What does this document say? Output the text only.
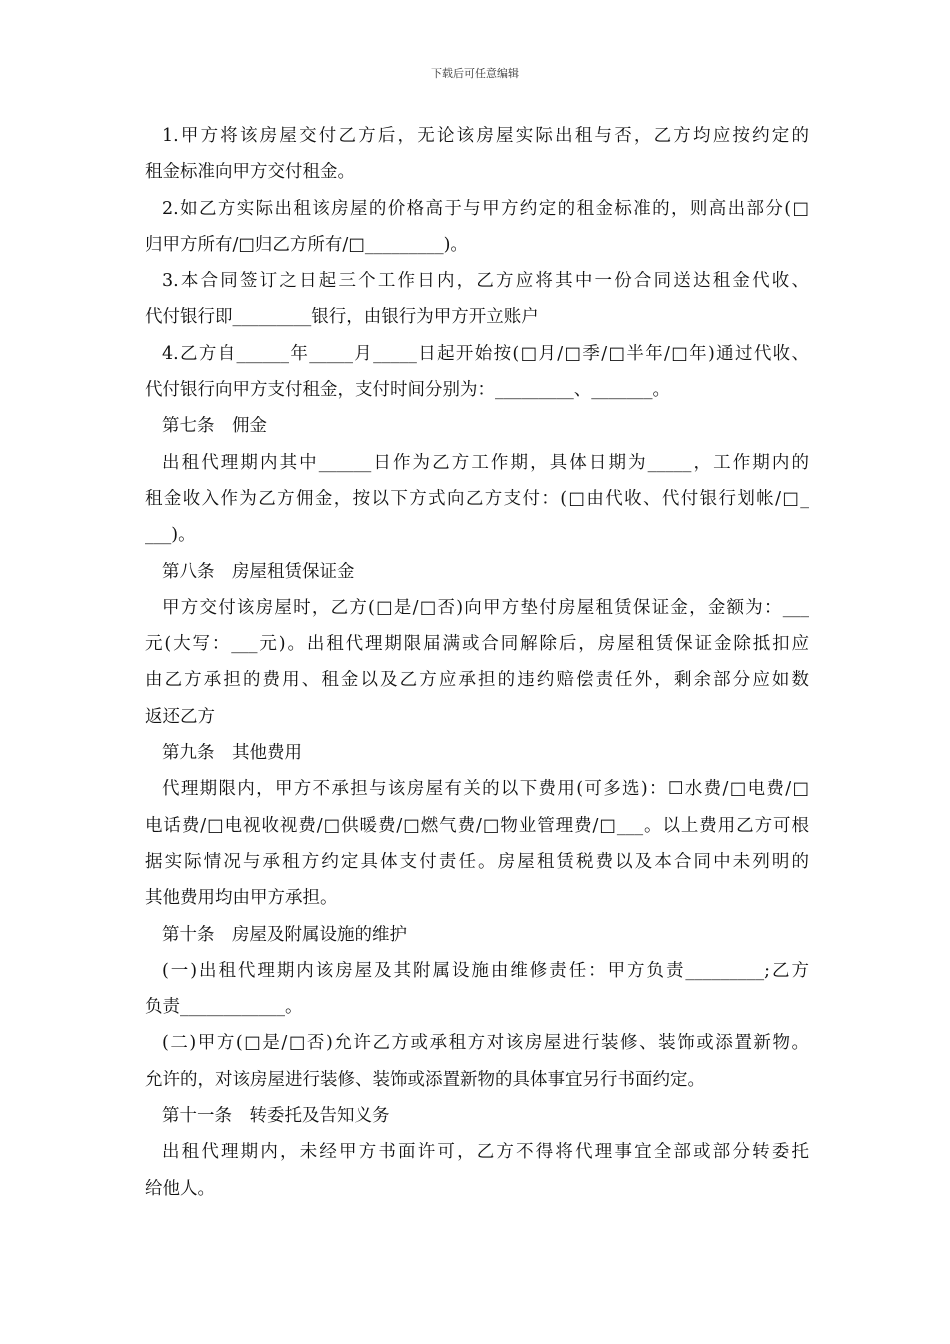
下载后可任意编辑
1.甲方将该房屋交付乙方后，无论该房屋实际出租与否，乙方均应按约定的
租金标准向甲方交付租金。
2.如乙方实际出租该房屋的价格高于与甲方约定的租金标准的，则高出部分(□
归甲方所有/□归乙方所有/□_________)。
3.本合同签订之日起三个工作日内，乙方应将其中一份合同送达租金代收、
代付银行即_________银行，由银行为甲方开立账户
4.乙方自______年_____月_____日起开始按(□月/□季/□半年/□年)通过代收、
代付银行向甲方支付租金，支付时间分别为：_________、_______。
第七条　佣金
出租代理期内其中______日作为乙方工作期，具体日期为_____，工作期内的
租金收入作为乙方佣金，按以下方式向乙方支付：(□由代收、代付银行划帐/□_
___)。
第八条　房屋租赁保证金
甲方交付该房屋时，乙方(□是/□否)向甲方垫付房屋租赁保证金，金额为：___
元(大写：___元)。出租代理期限届满或合同解除后，房屋租赁保证金除抵扣应
由乙方承担的费用、租金以及乙方应承担的违约赔偿责任外，剩余部分应如数
返还乙方
第九条　其他费用
代理期限内，甲方不承担与该房屋有关的以下费用(可多选)：☐水费/□电费/□
电话费/□电视收视费/□供暖费/□燃气费/□物业管理费/□___。以上费用乙方可根
据实际情况与承租方约定具体支付责任。房屋租赁税费以及本合同中未列明的
其他费用均由甲方承担。
第十条　房屋及附属设施的维护
(一)出租代理期内该房屋及其附属设施由维修责任：甲方负责_________;乙方
负责____________。
(二)甲方(□是/□否)允许乙方或承租方对该房屋进行装修、装饰或添置新物。
允许的，对该房屋进行装修、装饰或添置新物的具体事宜另行书面约定。
第十一条　转委托及告知义务
出租代理期内，未经甲方书面许可，乙方不得将代理事宜全部或部分转委托
给他人。
